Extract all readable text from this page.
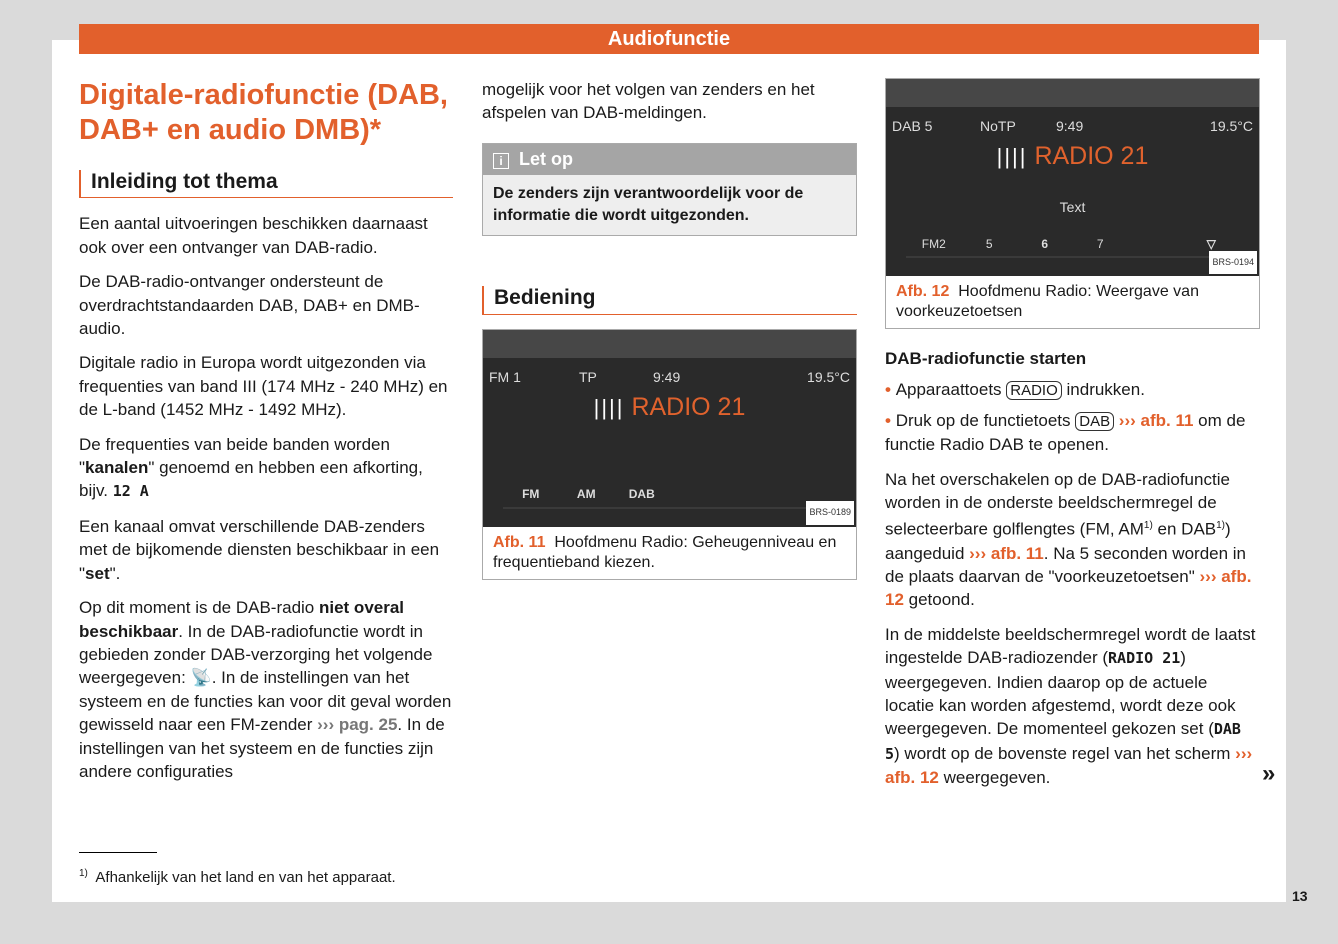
Audiofunctie
Digitale-radiofunctie (DAB, DAB+ en audio DMB)*
Inleiding tot thema

Een aantal uitvoeringen beschikken daarnaast ook over een ontvanger van DAB-radio.

De DAB-radio-ontvanger ondersteunt de overdrachtstandaarden DAB, DAB+ en DMB-audio.

Digitale radio in Europa wordt uitgezonden via frequenties van band III (174 MHz - 240 MHz) en de L-band (1452 MHz - 1492 MHz).

De frequenties van beide banden worden "kanalen" genoemd en hebben een afkorting, bijv. 12 A

Een kanaal omvat verschillende DAB-zenders met de bijkomende diensten beschikbaar in een "set".

Op dit moment is de DAB-radio niet overal beschikbaar. In de DAB-radiofunctie wordt in gebieden zonder DAB-verzorging het volgende weergegeven: 📡. In de instellingen van het systeem en de functies kan voor dit geval worden gewisseld naar een FM-zender ››› pag. 25. In de instellingen van het systeem en de functies zijn andere configuraties

mogelijk voor het volgen van zenders en het afspelen van DAB-meldingen.

i Let op
De zenders zijn verantwoordelijk voor de informatie die wordt uitgezonden.
Bediening
FM 1	TP	9:49	19.5°C
|||| RADIO 21
FM	AM	DAB
BRS-0189
Afb. 11 Hoofdmenu Radio: Geheugenniveau en frequentieband kiezen.
DAB 5	NoTP	9:49	19.5°C
|||| RADIO 21
Text
FM2	5	6	7	▽
BRS-0194
Afb. 12 Hoofdmenu Radio: Weergave van voorkeuzetoetsen
DAB-radiofunctie starten

• Apparaattoets RADIO indrukken.

• Druk op de functietoets DAB ››› afb. 11 om de functie Radio DAB te openen.

Na het overschakelen op de DAB-radiofunctie worden in de onderste beeldschermregel de selecteerbare golflengtes (FM, AM$^{1)}$ en DAB$^{1)}$) aangeduid ››› afb. 11. Na 5 seconden worden in de plaats daarvan de "voorkeuzetoetsen" ››› afb. 12 getoond.

In de middelste beeldschermregel wordt de laatst ingestelde DAB-radiozender (RADIO 21) weergegeven. Indien daarop op de actuele locatie kan worden afgestemd, wordt deze ook weergegeven. De momenteel gekozen set (DAB 5) wordt op de bovenste regel van het scherm ››› afb. 12 weergegeven.	»
$^{1)}$ Afhankelijk van het land en van het apparaat.
13
